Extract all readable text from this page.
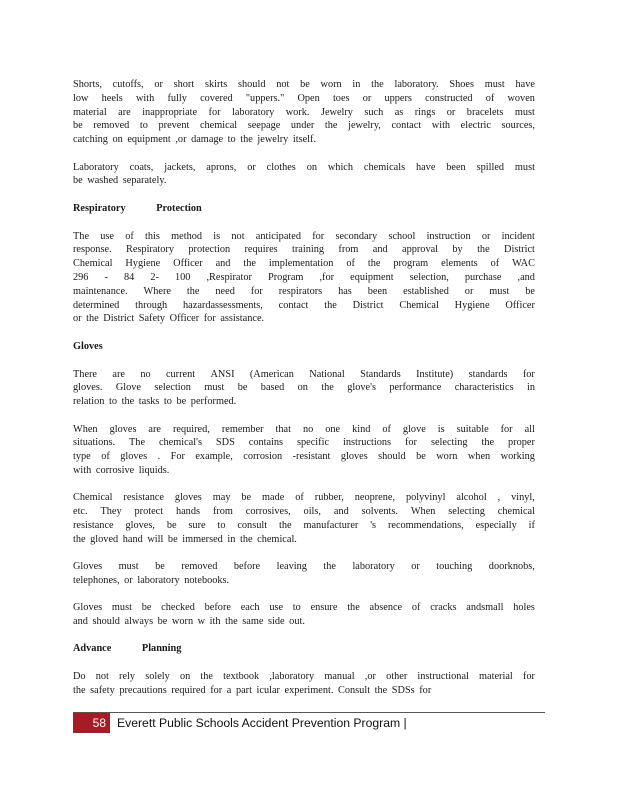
Shorts, cutoffs, or short skirts should not be worn in the laboratory. Shoes must have
low heels with fully covered "uppers." Open toes or uppers constructed of woven
material are inappropriate for laboratory work. Jewelry such as rings or bracelets must
be removed to prevent chemical seepage under the jewelry, contact with electric sources,
catching on equipment ,or damage to the jewelry itself.
Laboratory coats, jackets, aprons, or clothes on which chemicals have been spilled must
be washed separately.
Respiratory Protection
The use of this method is not anticipated for secondary school instruction or incident
response. Respiratory protection requires training from and approval by the District
Chemical Hygiene Officer and the implementation of the program elements of WAC
296 - 84 2- 100 ,Respirator Program ,for equipment selection, purchase ,and
maintenance. Where the need for respirators has been established or must be
determined through hazardassessments, contact the District Chemical Hygiene Officer
or the District Safety Officer for assistance.
Gloves
There are no current ANSI (American National Standards Institute) standards for
gloves. Glove selection must be based on the glove's performance characteristics in
relation to the tasks to be performed.
When gloves are required, remember that no one kind of glove is suitable for all
situations. The chemical's SDS contains specific instructions for selecting the proper
type of gloves . For example, corrosion -resistant gloves should be worn when working
with corrosive liquids.
Chemical resistance gloves may be made of rubber, neoprene, polyvinyl alcohol , vinyl,
etc. They protect hands from corrosives, oils, and solvents. When selecting chemical
resistance gloves, be sure to consult the manufacturer 's recommendations, especially if
the gloved hand will be immersed in the chemical.
Gloves must be removed before leaving the laboratory or touching doorknobs,
telephones, or laboratory notebooks.
Gloves must be checked before each use to ensure the absence of cracks andsmall holes
and should always be worn w ith the same side out.
Advance Planning
Do not rely solely on the textbook ,laboratory manual ,or other instructional material for
the safety precautions required for a part icular experiment. Consult the SDSs for
58 Everett Public Schools Accident Prevention Program |
